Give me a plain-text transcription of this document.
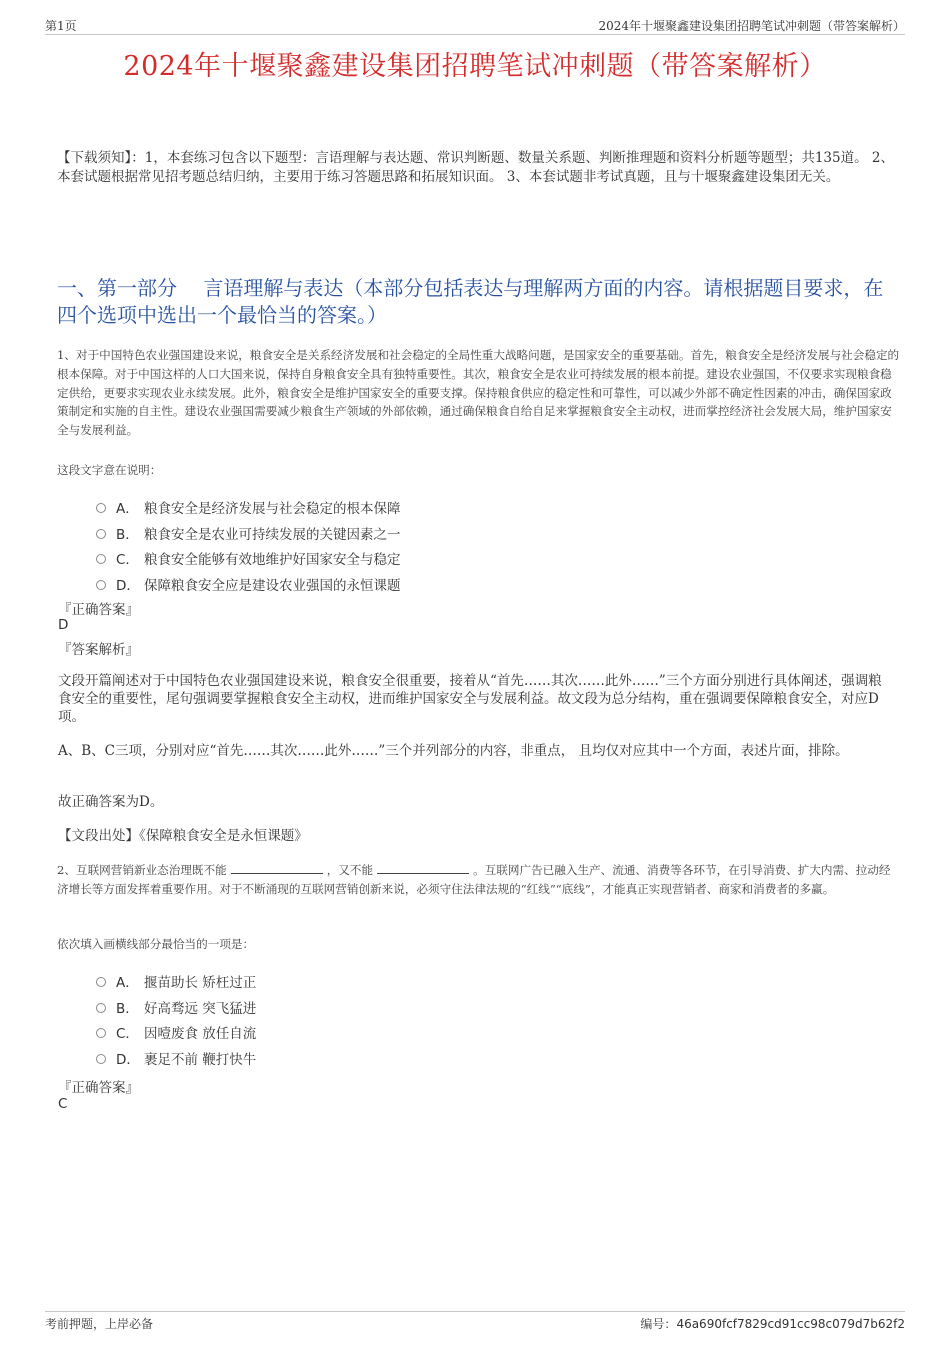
第1页	2024年十堰聚鑫建设集团招聘笔试冲刺题（带答案解析）
2024年十堰聚鑫建设集团招聘笔试冲刺题（带答案解析）
【下载须知】：1，本套练习包含以下题型：言语理解与表达题、常识判断题、数量关系题、判断推理题和资料分析题等题型；共135道。 2、本套试题根据常见招考题总结归纳，主要用于练习答题思路和拓展知识面。 3、本套试题非考试真题，且与十堰聚鑫建设集团无关。
一、第一部分　 言语理解与表达（本部分包括表达与理解两方面的内容。请根据题目要求，在四个选项中选出一个最恰当的答案。）
1、对于中国特色农业强国建设来说，粮食安全是关系经济发展和社会稳定的全局性重大战略问题，是国家安全的重要基础。首先，粮食安全是经济发展与社会稳定的根本保障。对于中国这样的人口大国来说，保持自身粮食安全具有独特重要性。其次，粮食安全是农业可持续发展的根本前提。建设农业强国，不仅要求实现粮食稳定供给，更要求实现农业永续发展。此外，粮食安全是维护国家安全的重要支撑。保持粮食供应的稳定性和可靠性，可以减少外部不确定性因素的冲击，确保国家政策制定和实施的自主性。建设农业强国需要减少粮食生产领域的外部依赖，通过确保粮食自给自足来掌握粮食安全主动权，进而掌控经济社会发展大局，维护国家安全与发展利益。
这段文字意在说明：
A． 粮食安全是经济发展与社会稳定的根本保障
B． 粮食安全是农业可持续发展的关键因素之一
C． 粮食安全能够有效地维护好国家安全与稳定
D． 保障粮食安全应是建设农业强国的永恒课题
『正确答案』
D
『答案解析』
文段开篇阐述对于中国特色农业强国建设来说，粮食安全很重要，接着从“首先……其次……此外……”三个方面分别进行具体阐述，强调粮食安全的重要性，尾句强调要掌握粮食安全主动权，进而维护国家安全与发展利益。故文段为总分结构，重在强调要保障粮食安全，对应D项。
A、B、C三项，分别对应“首先……其次……此外……”三个并列部分的内容，非重点， 且均仅对应其中一个方面，表述片面，排除。
故正确答案为D。
【文段出处】《保障粮食安全是永恒课题》
2、互联网营销新业态治理既不能	，又不能	。互联网广告已融入生产、流通、消费等各环节，在引导消费、扩大内需、拉动经济增长等方面发挥着重要作用。对于不断涌现的互联网营销创新来说，必须守住法律法规的“红线”“底线”，才能真正实现营销者、商家和消费者的多赢。
依次填入画横线部分最恰当的一项是：
A． 揠苗助长 矫枉过正
B． 好高骛远 突飞猛进
C． 因噎废食 放任自流
D． 裹足不前 鞭打快牛
『正确答案』
C
考前押题，上岸必备	编号：46a690fcf7829cd91cc98c079d7b62f2
